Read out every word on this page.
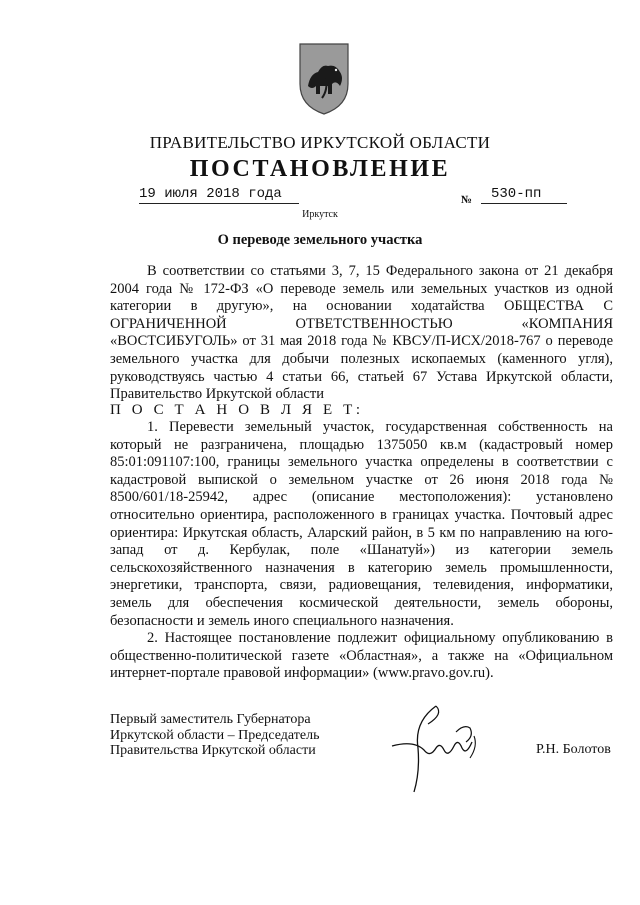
ПРАВИТЕЛЬСТВО ИРКУТСКОЙ ОБЛАСТИ
ПОСТАНОВЛЕНИЕ
19 июля 2018 года	№	530-пп
Иркутск
О переводе земельного участка
В соответствии со статьями 3, 7, 15 Федерального закона от 21 декабря 2004 года № 172-ФЗ «О переводе земель или земельных участков из одной категории в другую», на основании ходатайства ОБЩЕСТВА С ОГРАНИЧЕННОЙ ОТВЕТСТВЕННОСТЬЮ «КОМПАНИЯ «ВОСТСИБУГОЛЬ» от 31 мая 2018 года № КВСУ/П-ИСХ/2018-767 о переводе земельного участка для добычи полезных ископаемых (каменного угля), руководствуясь частью 4 статьи 66, статьей 67 Устава Иркутской области, Правительство Иркутской области
П О С Т А Н О В Л Я Е Т:
1. Перевести земельный участок, государственная собственность на который не разграничена, площадью 1375050 кв.м (кадастровый номер 85:01:091107:100, границы земельного участка определены в соответствии с кадастровой выпиской о земельном участке от 26 июня 2018 года № 8500/601/18-25942, адрес (описание местоположения): установлено относительно ориентира, расположенного в границах участка. Почтовый адрес ориентира: Иркутская область, Аларский район, в 5 км по направлению на юго-запад от д. Кербулак, поле «Шанатуй») из категории земель сельскохозяйственного назначения в категорию земель промышленности, энергетики, транспорта, связи, радиовещания, телевидения, информатики, земель для обеспечения космической деятельности, земель обороны, безопасности и земель иного специального назначения.
2. Настоящее постановление подлежит официальному опубликованию в общественно-политической газете «Областная», а также на «Официальном интернет-портале правовой информации» (www.pravo.gov.ru).
Первый заместитель Губернатора
Иркутской области – Председатель
Правительства Иркутской области	Р.Н. Болотов
